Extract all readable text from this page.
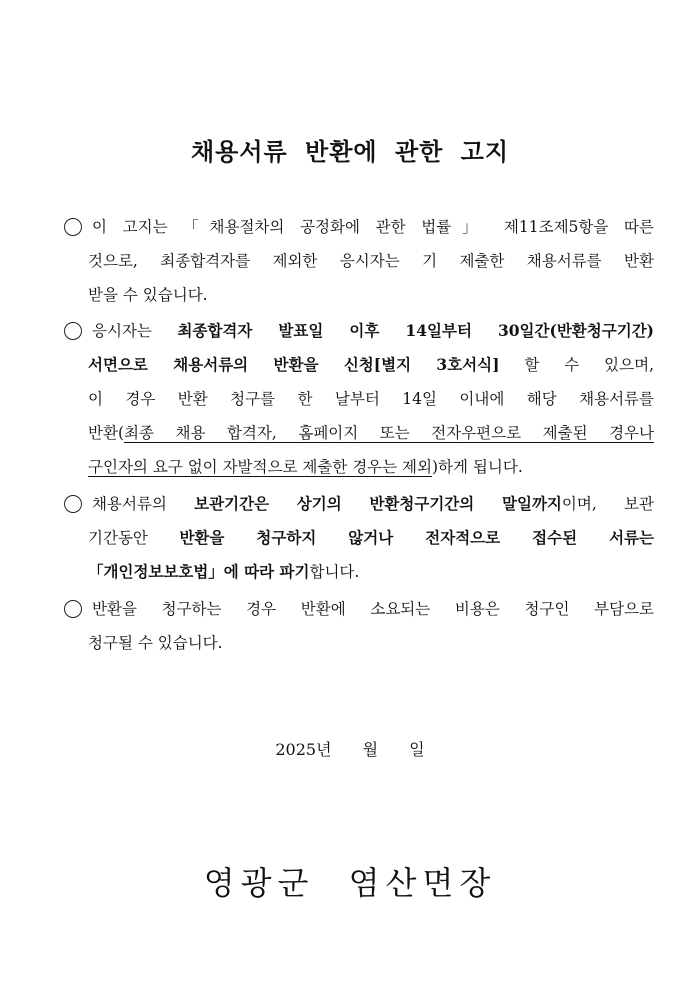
채용서류 반환에 관한 고지
이 고지는 「채용절차의 공정화에 관한 법률」 제11조제5항을 따른
것으로, 최종합격자를 제외한 응시자는 기 제출한 채용서류를 반환
받을 수 있습니다.
응시자는 최종합격자 발표일 이후 14일부터 30일간(반환청구기간)
서면으로 채용서류의 반환을 신청[별지 3호서식] 할 수 있으며,
이 경우 반환 청구를 한 날부터 14일 이내에 해당 채용서류를
반환(최종 채용 합격자, 홈페이지 또는 전자우편으로 제출된 경우나
구인자의 요구 없이 자발적으로 제출한 경우는 제외)하게 됩니다.
채용서류의 보관기간은 상기의 반환청구기간의 말일까지이며, 보관
기간동안 반환을 청구하지 않거나 전자적으로 접수된 서류는
「개인정보보호법」에 따라 파기합니다.
반환을 청구하는 경우 반환에 소요되는 비용은 청구인 부담으로
청구될 수 있습니다.
2025년 월 일
영광군 염산면장
